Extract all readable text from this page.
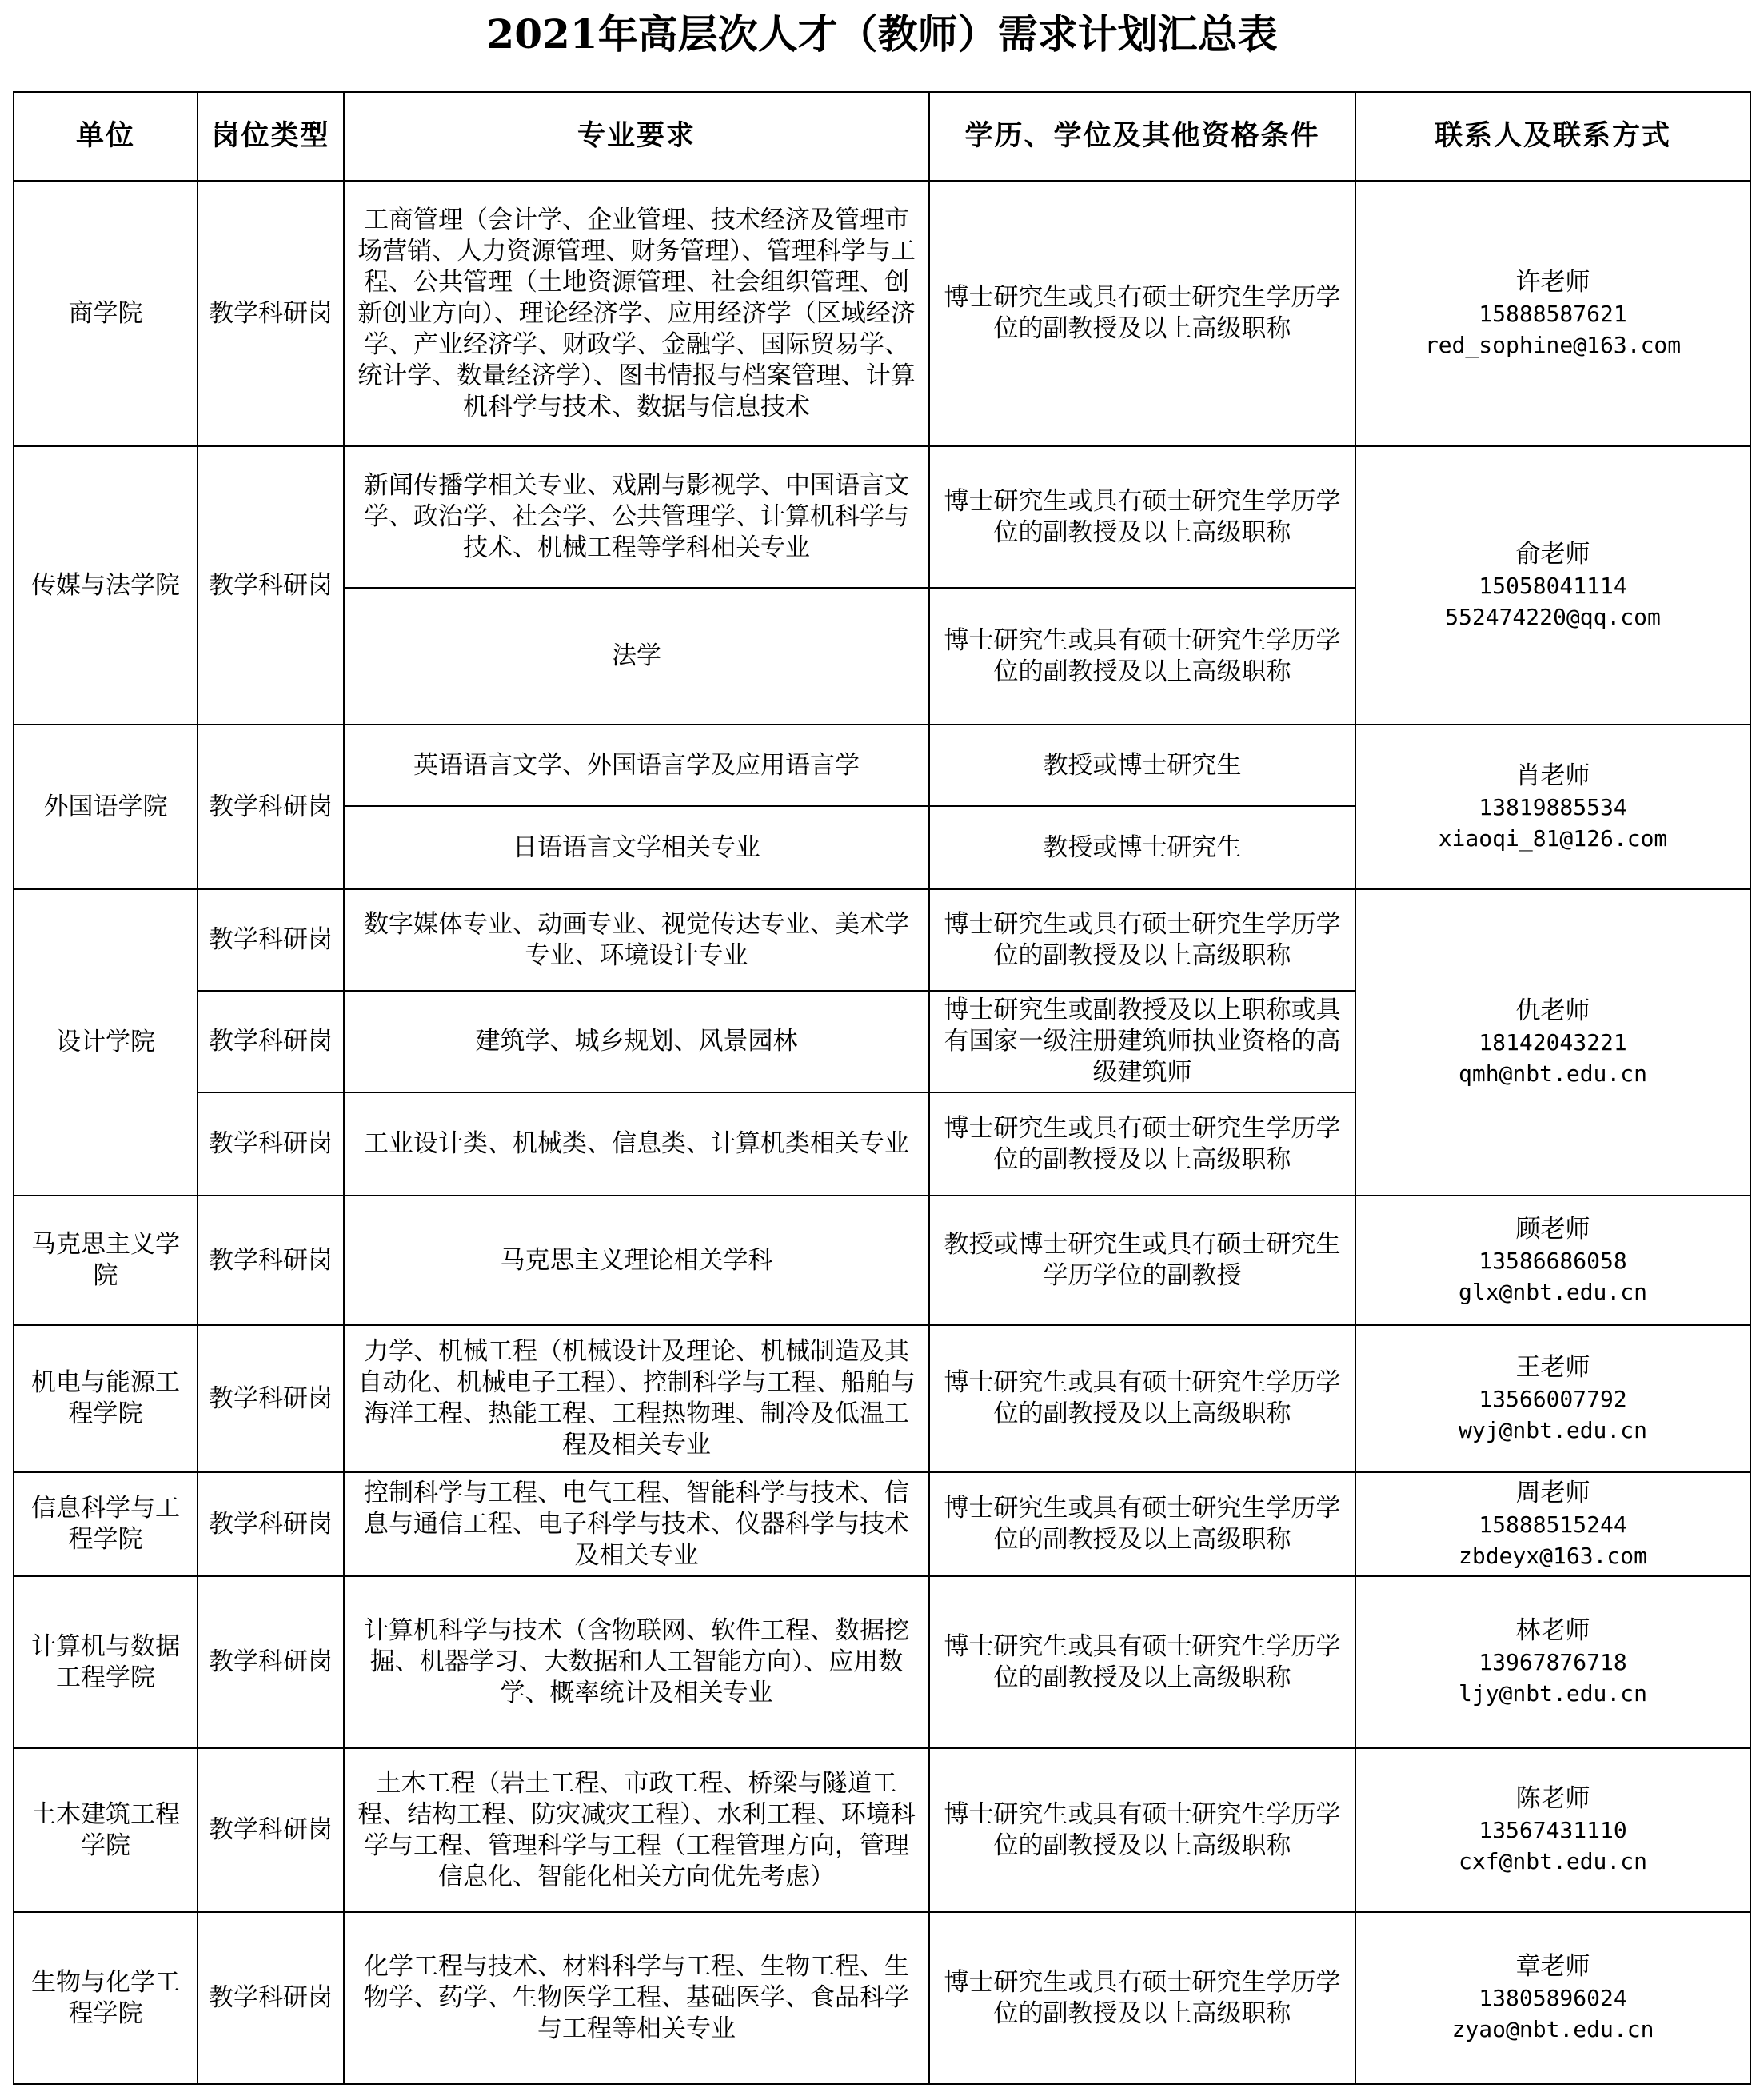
2021年高层次人才（教师）需求计划汇总表
单位	岗位类型	专业要求	学历、学位及其他资格条件	联系人及联系方式
商学院	教学科研岗	工商管理（会计学、企业管理、技术经济及管理市场营销、人力资源管理、财务管理）、管理科学与工程、公共管理（土地资源管理、社会组织管理、创新创业方向）、理论经济学、应用经济学（区域经济学、产业经济学、财政学、金融学、国际贸易学、统计学、数量经济学）、图书情报与档案管理、计算机科学与技术、数据与信息技术	博士研究生或具有硕士研究生学历学位的副教授及以上高级职称	许老师
15888587621
red_sophine@163.com

传媒与法学院	教学科研岗	新闻传播学相关专业、戏剧与影视学、中国语言文学、政治学、社会学、公共管理学、计算机科学与技术、机械工程等学科相关专业	博士研究生或具有硕士研究生学历学位的副教授及以上高级职称	俞老师
15058041114
552474220@qq.com

		法学	博士研究生或具有硕士研究生学历学位的副教授及以上高级职称	
外国语学院	教学科研岗	英语语言文学、外国语言学及应用语言学	教授或博士研究生	肖老师
13819885534
xiaoqi_81@126.com

		日语语言文学相关专业	教授或博士研究生	
设计学院	教学科研岗	数字媒体专业、动画专业、视觉传达专业、美术学专业、环境设计专业	博士研究生或具有硕士研究生学历学位的副教授及以上高级职称	仇老师
18142043221
qmh@nbt.edu.cn

	教学科研岗	建筑学、城乡规划、风景园林	博士研究生或副教授及以上职称或具有国家一级注册建筑师执业资格的高级建筑师	
	教学科研岗	工业设计类、机械类、信息类、计算机类相关专业	博士研究生或具有硕士研究生学历学位的副教授及以上高级职称	
马克思主义学院	教学科研岗	马克思主义理论相关学科	教授或博士研究生或具有硕士研究生学历学位的副教授	顾老师
13586686058
glx@nbt.edu.cn

机电与能源工程学院	教学科研岗	力学、机械工程（机械设计及理论、机械制造及其自动化、机械电子工程）、控制科学与工程、船舶与海洋工程、热能工程、工程热物理、制冷及低温工程及相关专业	博士研究生或具有硕士研究生学历学位的副教授及以上高级职称	王老师
13566007792
wyj@nbt.edu.cn

信息科学与工程学院	教学科研岗	控制科学与工程、电气工程、智能科学与技术、信息与通信工程、电子科学与技术、仪器科学与技术及相关专业	博士研究生或具有硕士研究生学历学位的副教授及以上高级职称	周老师
15888515244
zbdeyx@163.com

计算机与数据工程学院	教学科研岗	计算机科学与技术（含物联网、软件工程、数据挖掘、机器学习、大数据和人工智能方向）、应用数学、概率统计及相关专业	博士研究生或具有硕士研究生学历学位的副教授及以上高级职称	林老师
13967876718
ljy@nbt.edu.cn

土木建筑工程学院	教学科研岗	土木工程（岩土工程、市政工程、桥梁与隧道工程、结构工程、防灾减灾工程）、水利工程、环境科学与工程、管理科学与工程（工程管理方向，管理信息化、智能化相关方向优先考虑）	博士研究生或具有硕士研究生学历学位的副教授及以上高级职称	陈老师
13567431110
cxf@nbt.edu.cn

生物与化学工程学院	教学科研岗	化学工程与技术、材料科学与工程、生物工程、生物学、药学、生物医学工程、基础医学、食品科学与工程等相关专业	博士研究生或具有硕士研究生学历学位的副教授及以上高级职称	章老师
13805896024
zyao@nbt.edu.cn
